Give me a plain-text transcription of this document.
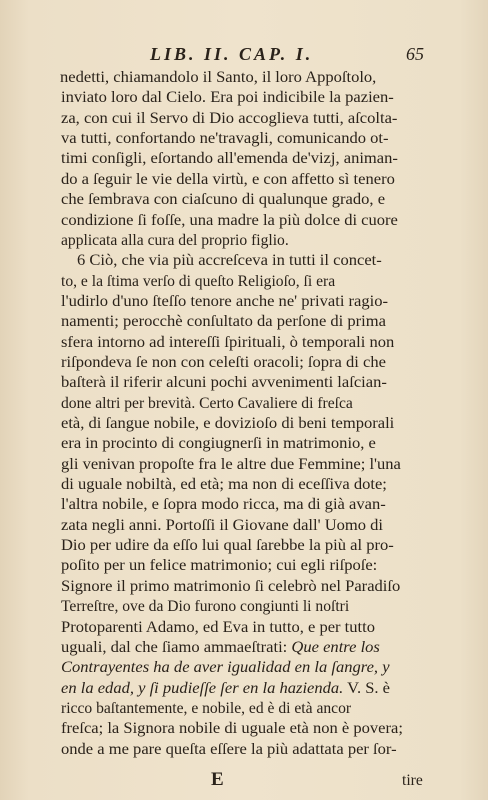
LIB. II. CAP. I.	65
nedetti, chiamandolo il Santo, il loro Appoſtolo,
inviato loro dal Cielo. Era poi indicibile la pazien-
za, con cui il Servo di Dio accoglieva tutti, aſcolta-
va tutti, confortando ne'travagli, comunicando ot-
timi conſigli, eſortando all'emenda de'vizj, animan-
do a ſeguir le vie della virtù, e con affetto sì tenero
che ſembrava con ciaſcuno di qualunque grado, e
condizione ſi foſſe, una madre la più dolce di cuore
applicata alla cura del proprio figlio.
6 Ciò, che via più accreſceva in tutti il concet-
to, e la ſtima verſo di queſto Religioſo, ſi era
l'udirlo d'uno ſteſſo tenore anche ne' privati ragio-
namenti; perocchè conſultato da perſone di prima
sfera intorno ad intereſſi ſpirituali, ò temporali non
riſpondeva ſe non con celeſti oracoli; ſopra di che
baſterà il riferir alcuni pochi avvenimenti laſcian-
done altri per brevità. Certo Cavaliere di freſca
età, di ſangue nobile, e dovizioſo di beni temporali
era in procinto di congiugnerſi in matrimonio, e
gli venivan propoſte fra le altre due Femmine; l'una
di uguale nobiltà, ed età; ma non di eceſſiva dote;
l'altra nobile, e ſopra modo ricca, ma di già avan-
zata negli anni. Portoſſi il Giovane dall' Uomo di
Dio per udire da eſſo lui qual ſarebbe la più al pro-
poſito per un felice matrimonio; cui egli riſpoſe:
Signore il primo matrimonio ſi celebrò nel Paradiſo
Terreſtre, ove da Dio furono congiunti li noſtri
Protoparenti Adamo, ed Eva in tutto, e per tutto
uguali, dal che ſiamo ammaeſtrati: Que entre los
Contrayentes ha de aver igualidad en la ſangre, y
en la edad, y ſi pudieſſe ſer en la hazienda. V. S. è
ricco baſtantemente, e nobile, ed è di età ancor
freſca; la Signora nobile di uguale età non è povera;
onde a me pare queſta eſſere la più adattata per ſor-
E	tire
